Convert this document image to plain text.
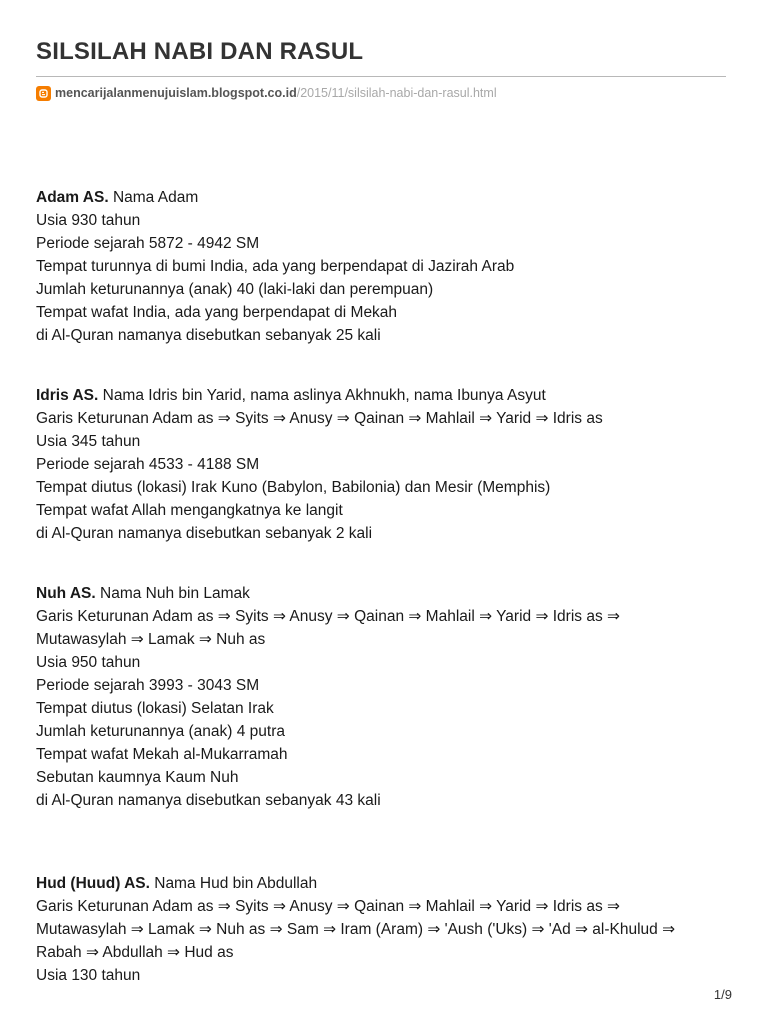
SILSILAH NABI DAN RASUL
mencarijalanmenujuislam.blogspot.co.id /2015/11/silsilah-nabi-dan-rasul.html
Adam AS. Nama Adam
Usia 930 tahun
Periode sejarah 5872 - 4942 SM
Tempat turunnya di bumi India, ada yang berpendapat di Jazirah Arab
Jumlah keturunannya (anak) 40 (laki-laki dan perempuan)
Tempat wafat India, ada yang berpendapat di Mekah
di Al-Quran namanya disebutkan sebanyak 25 kali
Idris AS. Nama Idris bin Yarid, nama aslinya Akhnukh, nama Ibunya Asyut
Garis Keturunan Adam as ⇒ Syits ⇒ Anusy ⇒ Qainan ⇒ Mahlail ⇒ Yarid ⇒ Idris as
Usia 345 tahun
Periode sejarah 4533 - 4188 SM
Tempat diutus (lokasi) Irak Kuno (Babylon, Babilonia) dan Mesir (Memphis)
Tempat wafat Allah mengangkatnya ke langit
di Al-Quran namanya disebutkan sebanyak 2 kali
Nuh AS. Nama Nuh bin Lamak
Garis Keturunan Adam as ⇒ Syits ⇒ Anusy ⇒ Qainan ⇒ Mahlail ⇒ Yarid ⇒ Idris as ⇒
Mutawasylah ⇒ Lamak ⇒ Nuh as
Usia 950 tahun
Periode sejarah 3993 - 3043 SM
Tempat diutus (lokasi) Selatan Irak
Jumlah keturunannya (anak) 4 putra
Tempat wafat Mekah al-Mukarramah
Sebutan kaumnya Kaum Nuh
di Al-Quran namanya disebutkan sebanyak 43 kali
Hud (Huud) AS. Nama Hud bin Abdullah
Garis Keturunan Adam as ⇒ Syits ⇒ Anusy ⇒ Qainan ⇒ Mahlail ⇒ Yarid ⇒ Idris as ⇒
Mutawasylah ⇒ Lamak ⇒ Nuh as ⇒ Sam ⇒ Iram (Aram) ⇒ 'Aush ('Uks) ⇒ 'Ad ⇒ al-Khulud ⇒
Rabah ⇒ Abdullah ⇒ Hud as
Usia 130 tahun
1/9
